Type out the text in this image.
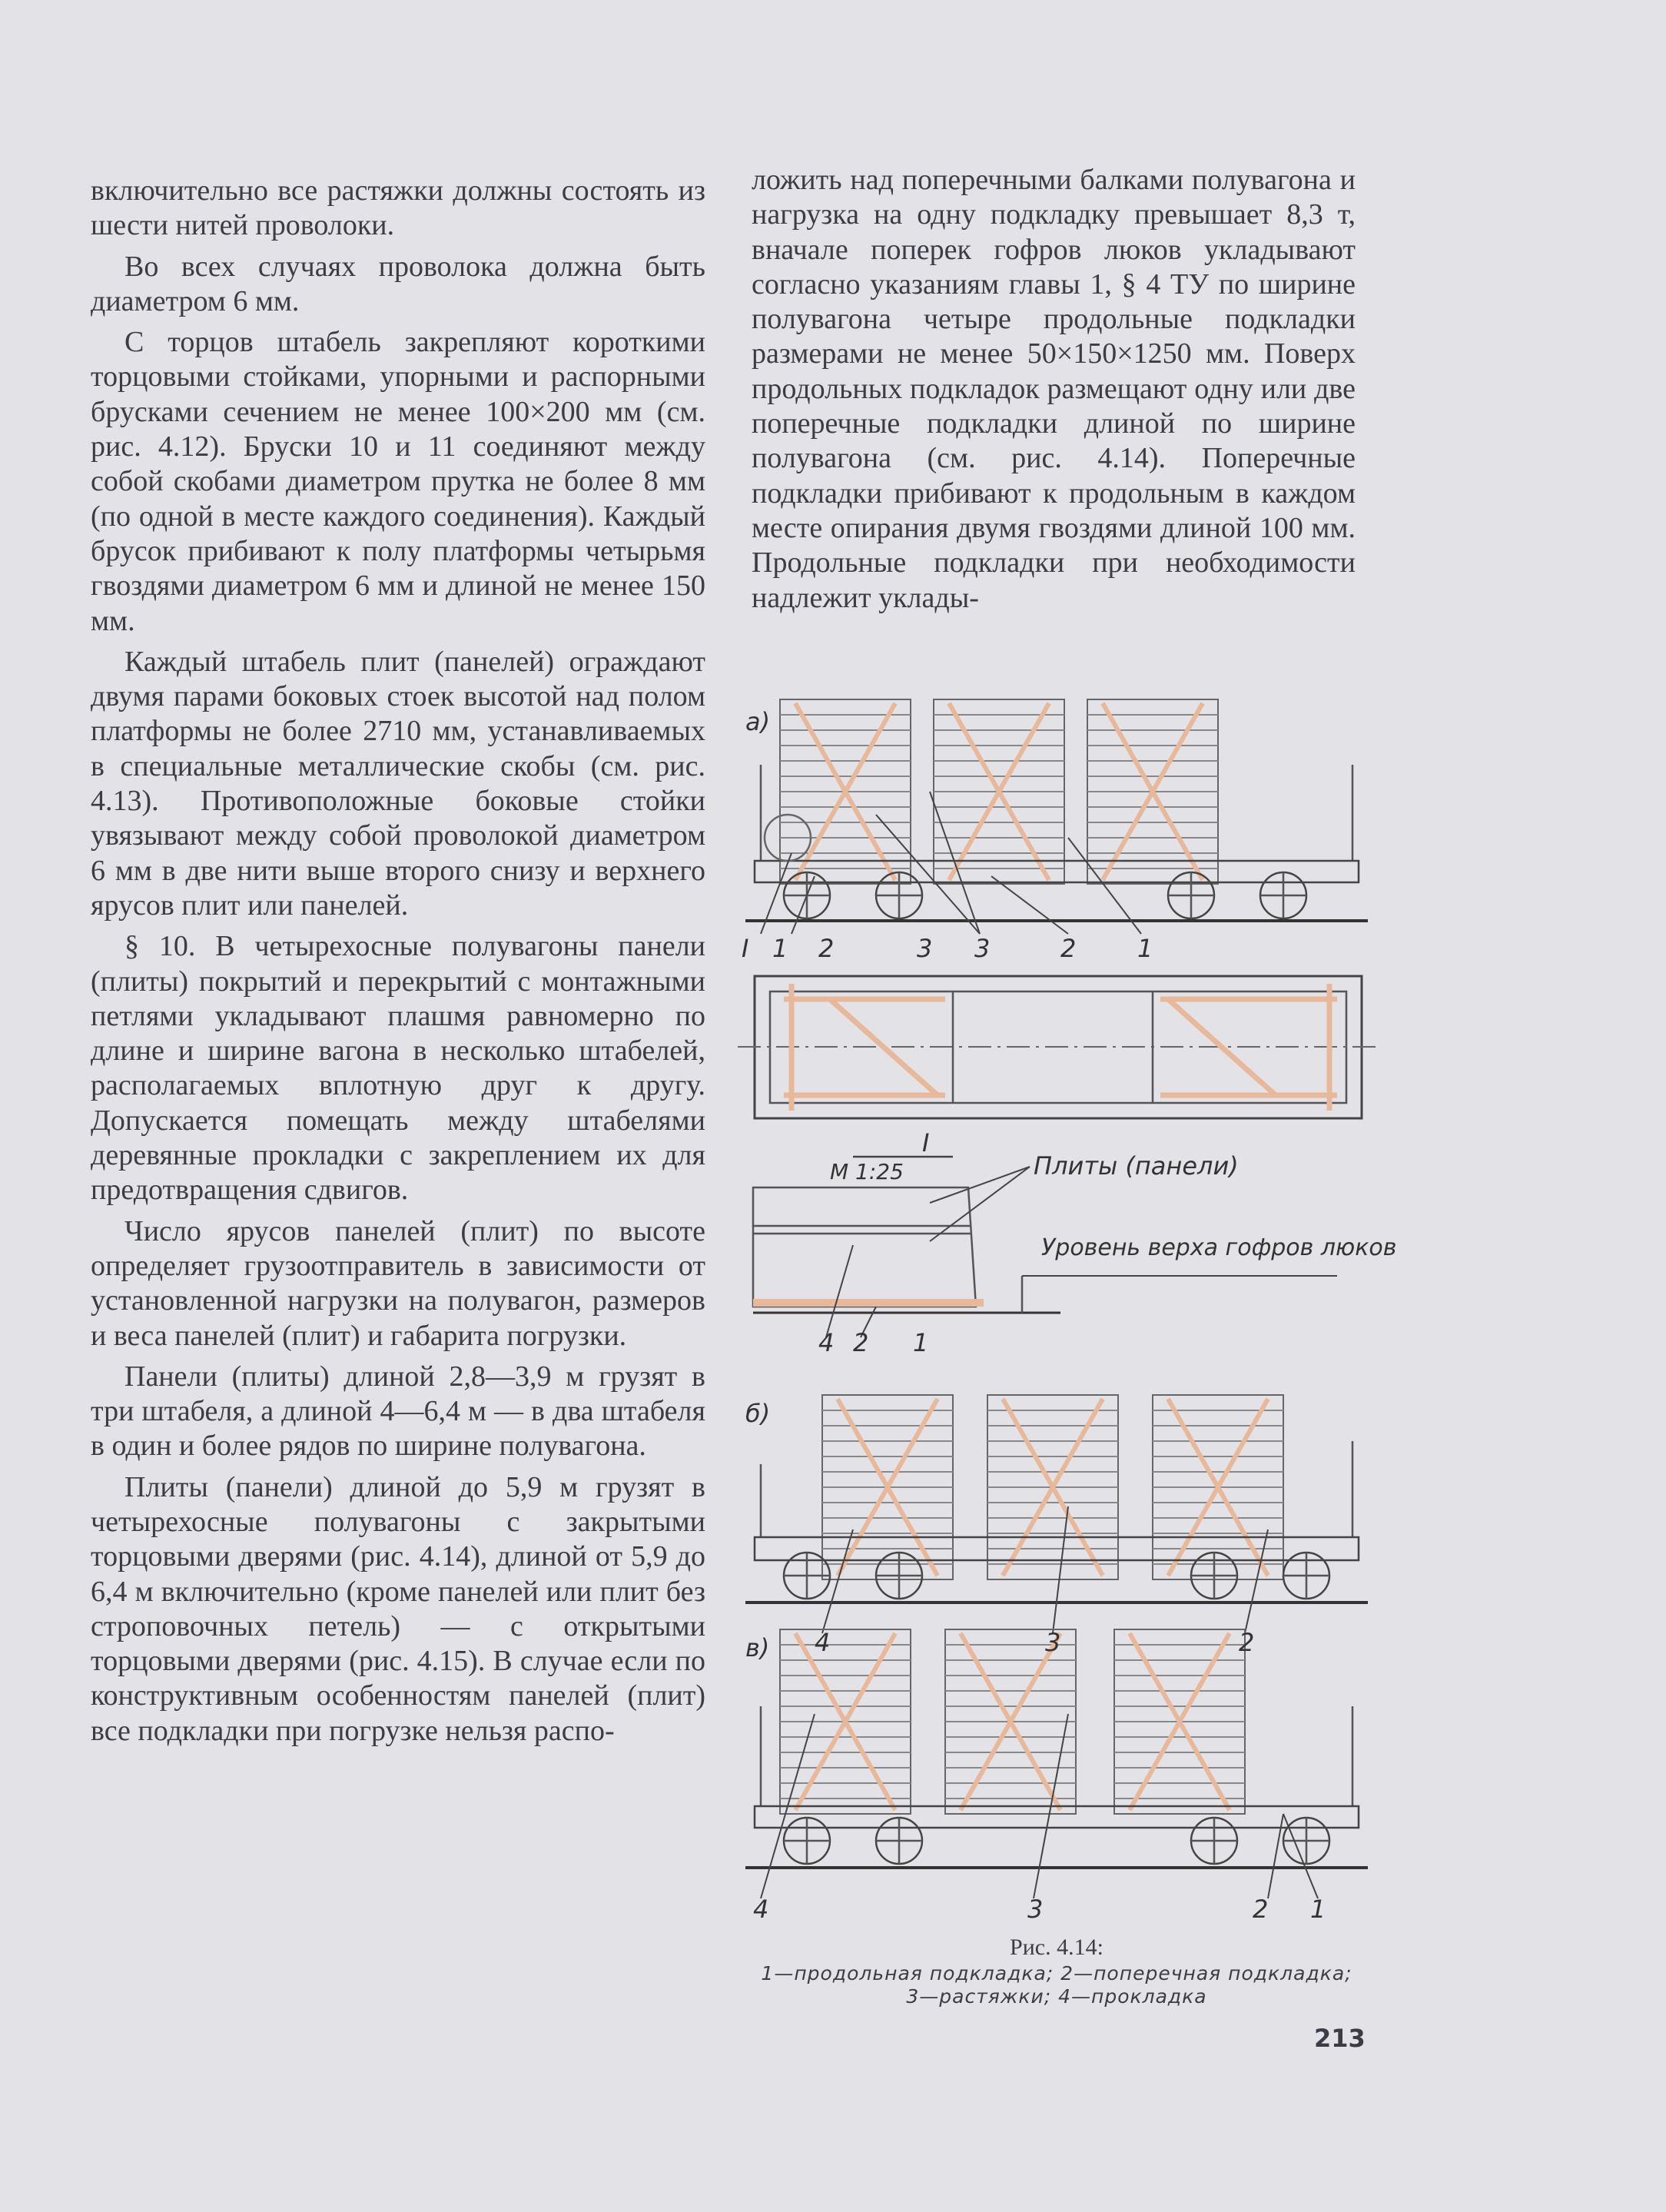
включительно все растяжки должны состоять из шести нитей проволоки.

Во всех случаях проволока должна быть диаметром 6 мм.

С торцов штабель закрепляют короткими торцовыми стойками, упорными и распорными брусками сечением не менее 100×200 мм (см. рис. 4.12). Бруски 10 и 11 соединяют между собой скобами диаметром прутка не более 8 мм (по одной в месте каждого соединения). Каждый брусок прибивают к полу платформы четырьмя гвоздями диаметром 6 мм и длиной не менее 150 мм.

Каждый штабель плит (панелей) ограждают двумя парами боковых стоек высотой над полом платформы не более 2710 мм, устанавливаемых в специальные металлические скобы (см. рис. 4.13). Противоположные боковые стойки увязывают между собой проволокой диаметром 6 мм в две нити выше второго снизу и верхнего ярусов плит или панелей.

§ 10. В четырехосные полувагоны панели (плиты) покрытий и перекрытий с монтажными петлями укладывают плашмя равномерно по длине и ширине вагона в несколько штабелей, располагаемых вплотную друг к другу. Допускается помещать между штабелями деревянные прокладки с закреплением их для предотвращения сдвигов.

Число ярусов панелей (плит) по высоте определяет грузоотправитель в зависимости от установленной нагрузки на полувагон, размеров и веса панелей (плит) и габарита погрузки.

Панели (плиты) длиной 2,8—3,9 м грузят в три штабеля, а длиной 4—6,4 м — в два штабеля в один и более рядов по ширине полувагона.

Плиты (панели) длиной до 5,9 м грузят в четырехосные полувагоны с закрытыми торцовыми дверями (рис. 4.14), длиной от 5,9 до 6,4 м включительно (кроме панелей или плит без строповочных петель) — с открытыми торцовыми дверями (рис. 4.15). В случае если по конструктивным особенностям панелей (плит) все подкладки при погрузке нельзя распо-

ложить над поперечными балками полувагона и нагрузка на одну подкладку превышает 8,3 т, вначале поперек гофров люков укладывают согласно указаниям главы 1, § 4 ТУ по ширине полувагона четыре продольные подкладки размерами не менее 50×150×1250 мм. Поверх продольных подкладок размещают одну или две поперечные подкладки длиной по ширине полувагона (см. рис. 4.14). Поперечные подкладки прибивают к продольным в каждом месте опирания двумя гвоздями длиной 100 мм. Продольные подкладки при необходимости надлежит уклады-

а)
I 1 2	3 3	2 1
I
М 1:25	Плиты (панели)
Уровень верха гофров люков
4 2 1
б)
4	3	2
в)
4	3	2 1
Рис. 4.14:
1—продольная подкладка; 2—поперечная подкладка;
3—растяжки; 4—прокладка
213
